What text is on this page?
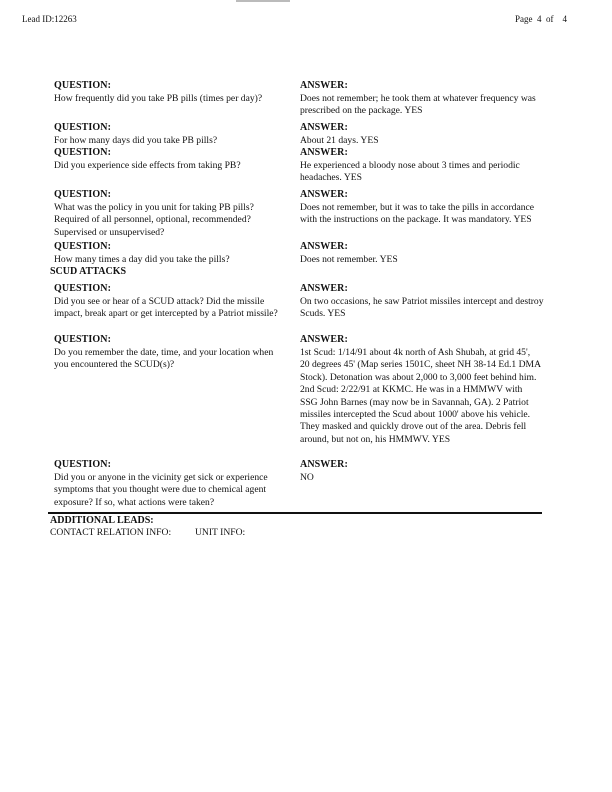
Lead ID:12263	Page 4 of 4
QUESTION:
How frequently did you take PB pills (times per day)?
ANSWER:
Does not remember; he took them at whatever frequency was prescribed on the package. YES
QUESTION:
For how many days did you take PB pills?
ANSWER:
About 21 days. YES
QUESTION:
Did you experience side effects from taking PB?
ANSWER:
He experienced a bloody nose about 3 times and periodic headaches. YES
QUESTION:
What was the policy in you unit for taking PB pills? Required of all personnel, optional, recommended? Supervised or unsupervised?
ANSWER:
Does not remember, but it was to take the pills in accordance with the instructions on the package. It was mandatory. YES
QUESTION:
How many times a day did you take the pills?
ANSWER:
Does not remember. YES
SCUD ATTACKS
QUESTION:
Did you see or hear of a SCUD attack? Did the missile impact, break apart or get intercepted by a Patriot missile?
ANSWER:
On two occasions, he saw Patriot missiles intercept and destroy Scuds. YES
QUESTION:
Do you remember the date, time, and your location when you encountered the SCUD(s)?
ANSWER:
1st Scud: 1/14/91 about 4k north of Ash Shubah, at grid 45', 20 degrees 45' (Map series 1501C, sheet NH 38-14 Ed.1 DMA Stock). Detonation was about 2,000 to 3,000 feet behind him. 2nd Scud: 2/22/91 at KKMC. He was in a HMMWV with SSG John Barnes (may now be in Savannah, GA). 2 Patriot missiles intercepted the Scud about 1000' above his vehicle. They masked and quickly drove out of the area. Debris fell around, but not on, his HMMWV. YES
QUESTION:
Did you or anyone in the vicinity get sick or experience symptoms that you thought were due to chemical agent exposure? If so, what actions were taken?
ANSWER:
NO
ADDITIONAL LEADS:
CONTACT RELATION INFO: UNIT INFO:
